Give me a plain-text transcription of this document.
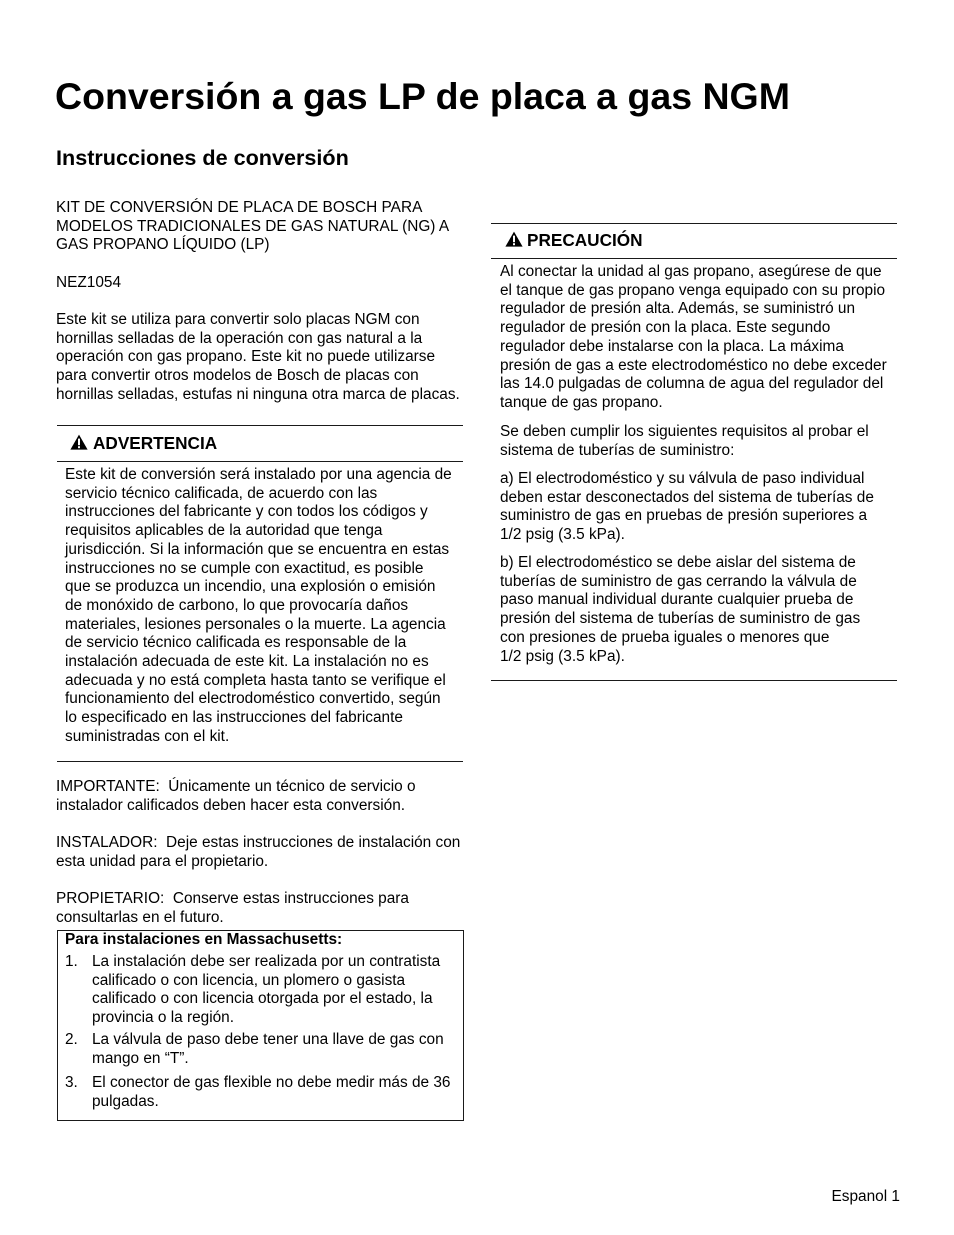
Conversión a gas LP de placa a gas NGM
Instrucciones de conversión
KIT DE CONVERSIÓN DE PLACA DE BOSCH PARA
MODELOS TRADICIONALES DE GAS NATURAL (NG) A
GAS PROPANO LÍQUIDO (LP)
NEZ1054
Este kit se utiliza para convertir solo placas NGM con
hornillas selladas de la operación con gas natural a la
operación con gas propano. Este kit no puede utilizarse
para convertir otros modelos de Bosch de placas con
hornillas selladas, estufas ni ninguna otra marca de placas.
ADVERTENCIA
Este kit de conversión será instalado por una agencia de
servicio técnico calificada, de acuerdo con las
instrucciones del fabricante y con todos los códigos y
requisitos aplicables de la autoridad que tenga
jurisdicción. Si la información que se encuentra en estas
instrucciones no se cumple con exactitud, es posible
que se produzca un incendio, una explosión o emisión
de monóxido de carbono, lo que provocaría daños
materiales, lesiones personales o la muerte. La agencia
de servicio técnico calificada es responsable de la
instalación adecuada de este kit. La instalación no es
adecuada y no está completa hasta tanto se verifique el
funcionamiento del electrodoméstico convertido, según
lo especificado en las instrucciones del fabricante
suministradas con el kit.
IMPORTANTE:  Únicamente un técnico de servicio o
instalador calificados deben hacer esta conversión.
INSTALADOR:  Deje estas instrucciones de instalación con
esta unidad para el propietario.
PROPIETARIO:  Conserve estas instrucciones para
consultarlas en el futuro.
Para instalaciones en Massachusetts:
1. La instalación debe ser realizada por un contratista
calificado o con licencia, un plomero o gasista
calificado o con licencia otorgada por el estado, la
provincia o la región.
2. La válvula de paso debe tener una llave de gas con
mango en “T”.
3. El conector de gas flexible no debe medir más de 36
pulgadas.
PRECAUCIÓN
Al conectar la unidad al gas propano, asegúrese de que
el tanque de gas propano venga equipado con su propio
regulador de presión alta. Además, se suministró un
regulador de presión con la placa. Este segundo
regulador debe instalarse con la placa. La máxima
presión de gas a este electrodoméstico no debe exceder
las 14.0 pulgadas de columna de agua del regulador del
tanque de gas propano.
Se deben cumplir los siguientes requisitos al probar el
sistema de tuberías de suministro:
a) El electrodoméstico y su válvula de paso individual
deben estar desconectados del sistema de tuberías de
suministro de gas en pruebas de presión superiores a
1/2 psig (3.5 kPa).
b) El electrodoméstico se debe aislar del sistema de
tuberías de suministro de gas cerrando la válvula de
paso manual individual durante cualquier prueba de
presión del sistema de tuberías de suministro de gas
con presiones de prueba iguales o menores que
1/2 psig (3.5 kPa).
Espanol 1
